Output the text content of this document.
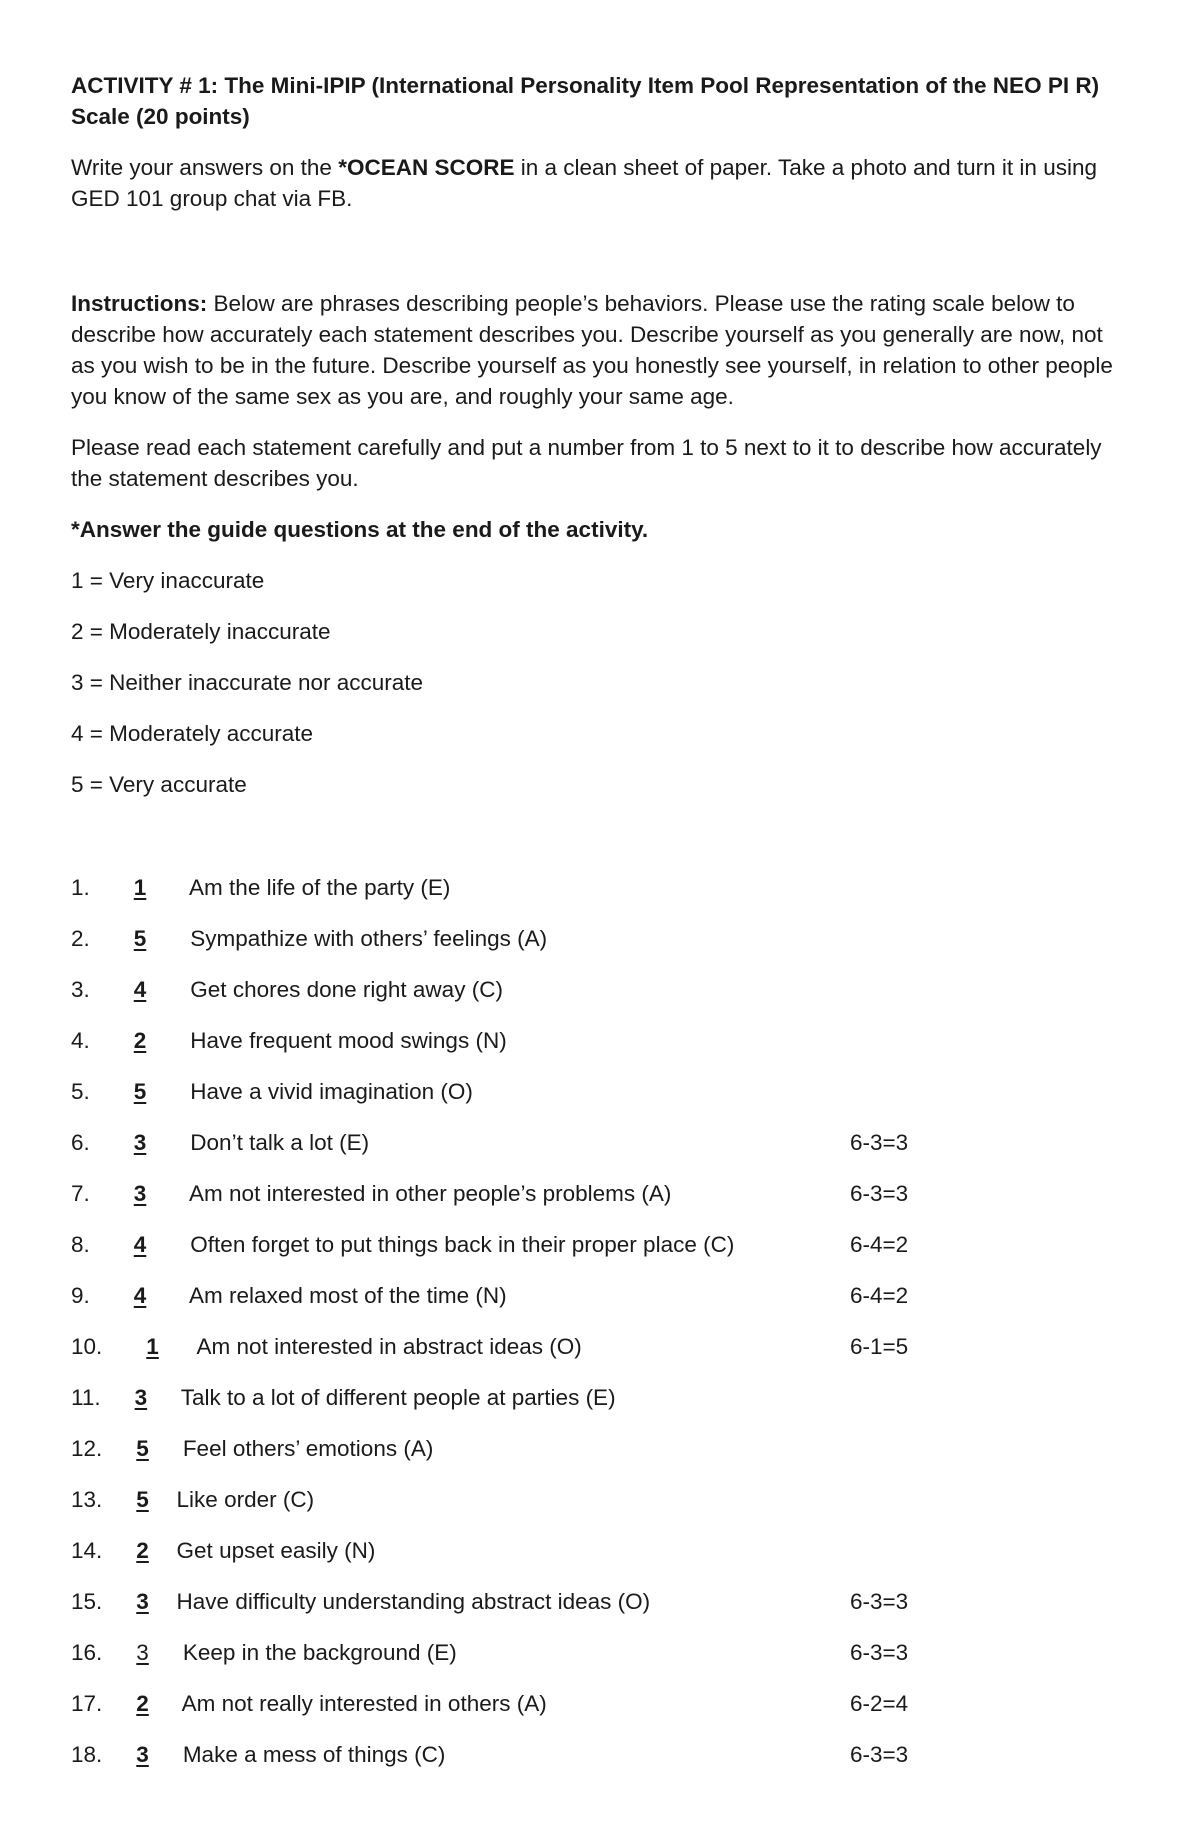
ACTIVITY # 1: The Mini-IPIP (International Personality Item Pool Representation of the NEO PI R) Scale (20 points)
Write your answers on the *OCEAN SCORE in a clean sheet of paper. Take a photo and turn it in using GED 101 group chat via FB.
Instructions: Below are phrases describing people’s behaviors. Please use the rating scale below to describe how accurately each statement describes you. Describe yourself as you generally are now, not as you wish to be in the future. Describe yourself as you honestly see yourself, in relation to other people you know of the same sex as you are, and roughly your same age.
Please read each statement carefully and put a number from 1 to 5 next to it to describe how accurately the statement describes you.
*Answer the guide questions at the end of the activity.
1 = Very inaccurate
2 = Moderately inaccurate
3 = Neither inaccurate nor accurate
4 = Moderately accurate
5 = Very accurate
1. 1 Am the life of the party (E)
2. 5 Sympathize with others’ feelings (A)
3. 4 Get chores done right away (C)
4. 2 Have frequent mood swings (N)
5. 5 Have a vivid imagination (O)
6. 3 Don’t talk a lot (E)	6-3=3
7. 3 Am not interested in other people’s problems (A)	6-3=3
8. 4 Often forget to put things back in their proper place (C)	6-4=2
9. 4 Am relaxed most of the time (N)	6-4=2
10. 1 Am not interested in abstract ideas (O)	6-1=5
11. 3 Talk to a lot of different people at parties (E)
12. 5 Feel others’ emotions (A)
13. 5 Like order (C)
14. 2 Get upset easily (N)
15. 3 Have difficulty understanding abstract ideas (O)	6-3=3
16. 3 Keep in the background (E)	6-3=3
17. 2 Am not really interested in others (A)	6-2=4
18. 3 Make a mess of things (C)	6-3=3
